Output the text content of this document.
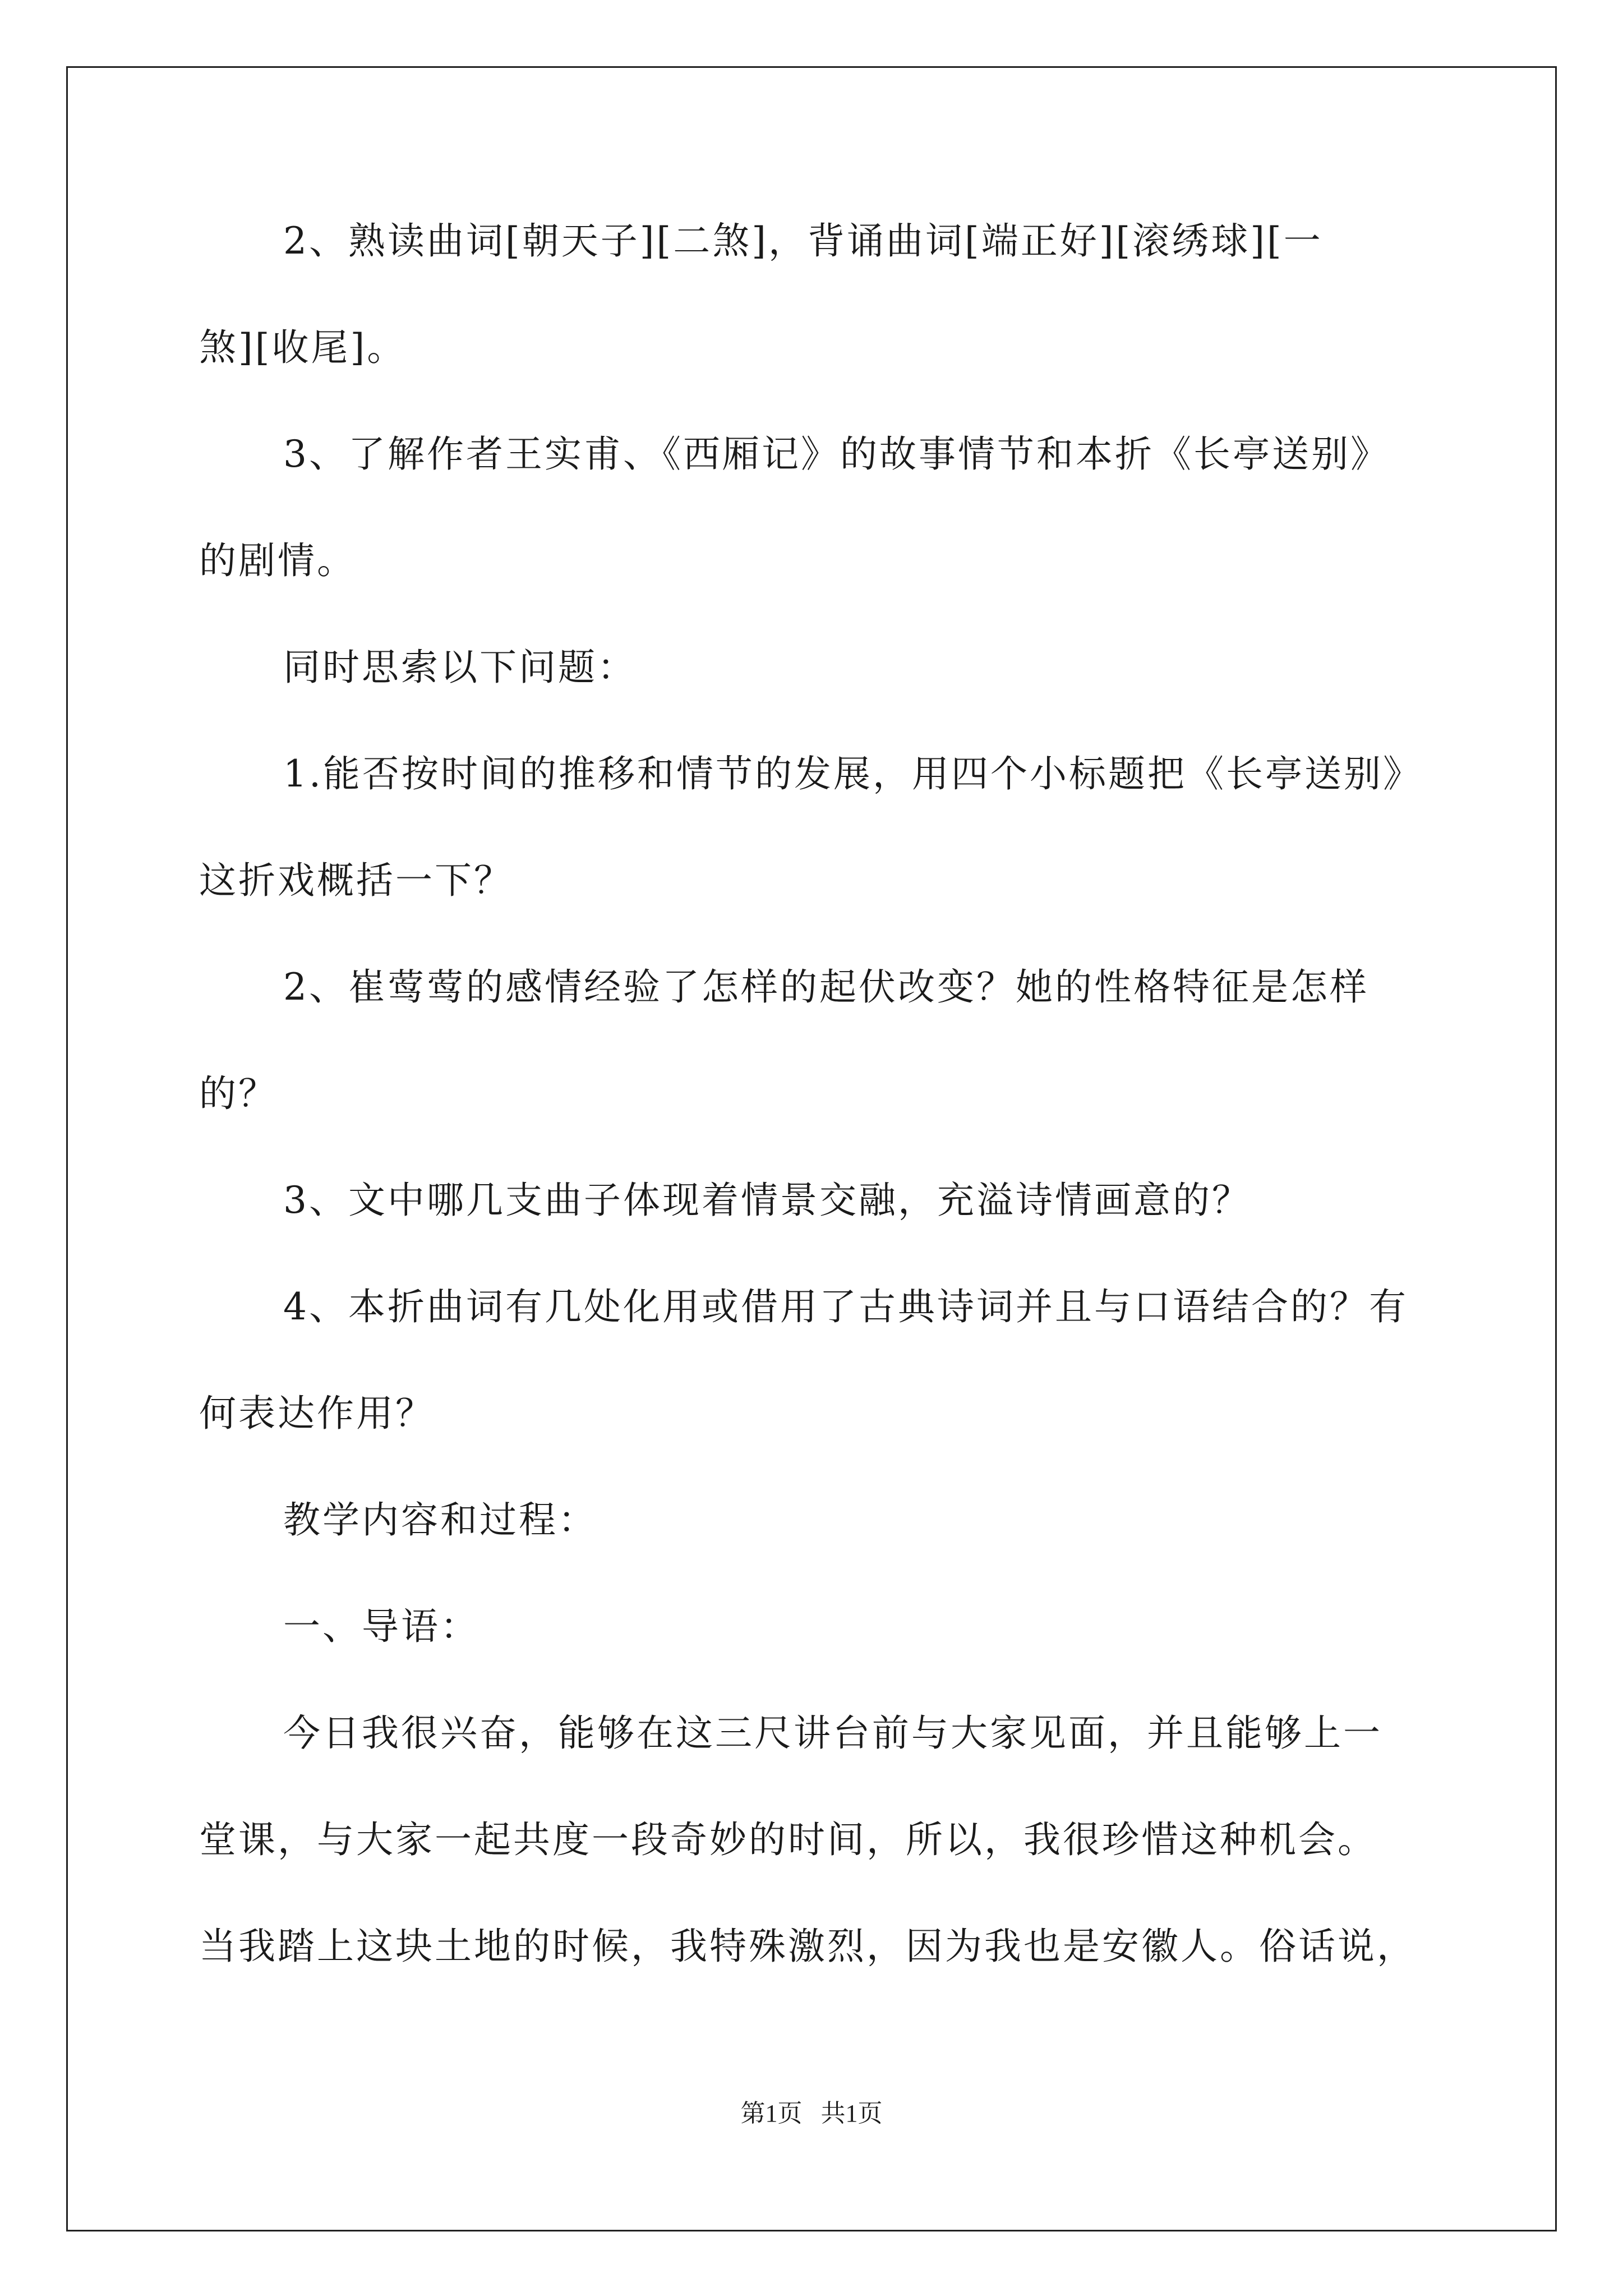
2、熟读曲词[朝天子][二煞]，背诵曲词[端正好][滚绣球][一
煞][收尾]。
3、了解作者王实甫、《西厢记》的故事情节和本折《长亭送别》
的剧情。
同时思索以下问题：
1.能否按时间的推移和情节的发展，用四个小标题把《长亭送别》
这折戏概括一下？
2、崔莺莺的感情经验了怎样的起伏改变？她的性格特征是怎样
的？
3、文中哪几支曲子体现着情景交融，充溢诗情画意的？
4、本折曲词有几处化用或借用了古典诗词并且与口语结合的？有
何表达作用？
教学内容和过程：
一、导语：
今日我很兴奋，能够在这三尺讲台前与大家见面，并且能够上一
堂课，与大家一起共度一段奇妙的时间，所以，我很珍惜这种机会。
当我踏上这块土地的时候，我特殊激烈，因为我也是安徽人。俗话说，
第1页   共1页
